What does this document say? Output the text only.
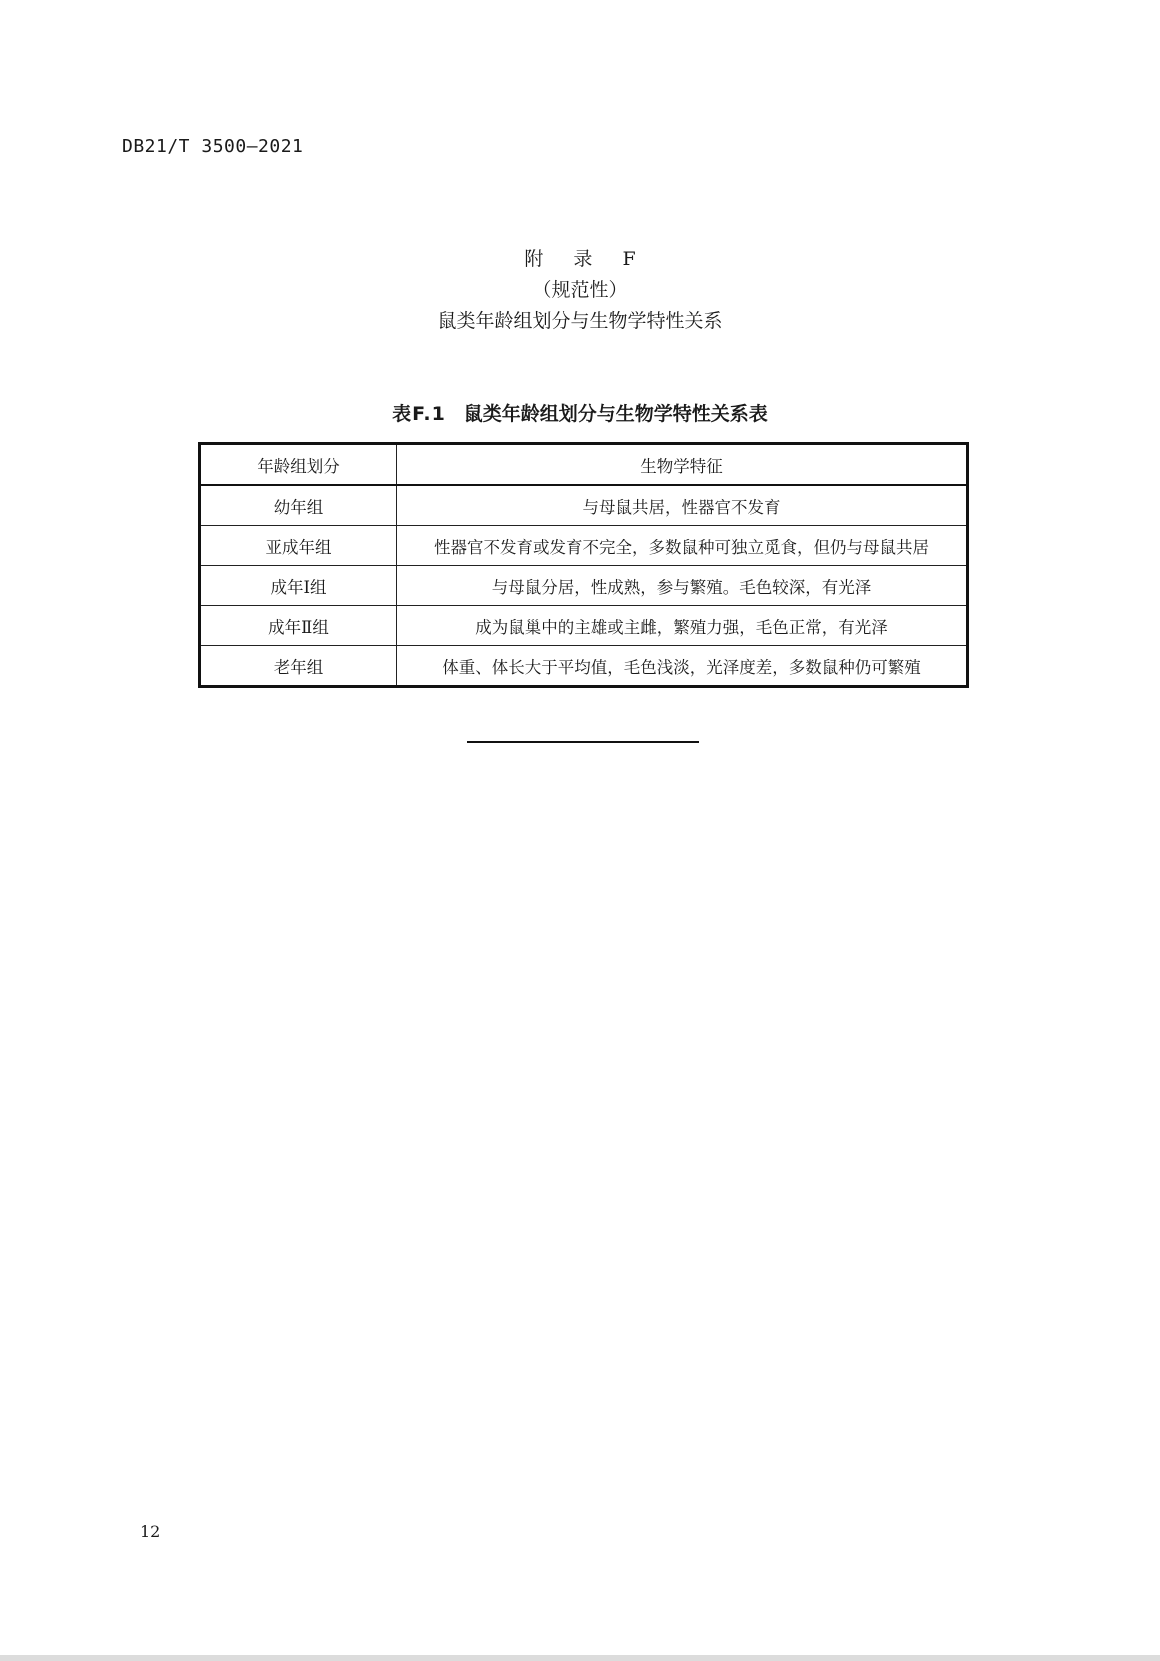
DB21/T 3500—2021
附 录 F
（规范性）
鼠类年龄组划分与生物学特性关系
表F.1 鼠类年龄组划分与生物学特性关系表
年龄组划分	生物学特征
幼年组	与母鼠共居，性器官不发育
亚成年组	性器官不发育或发育不完全，多数鼠种可独立觅食，但仍与母鼠共居
成年Ⅰ组	与母鼠分居，性成熟，参与繁殖。毛色较深，有光泽
成年Ⅱ组	成为鼠巢中的主雄或主雌，繁殖力强，毛色正常，有光泽
老年组	体重、体长大于平均值，毛色浅淡，光泽度差，多数鼠种仍可繁殖
12
